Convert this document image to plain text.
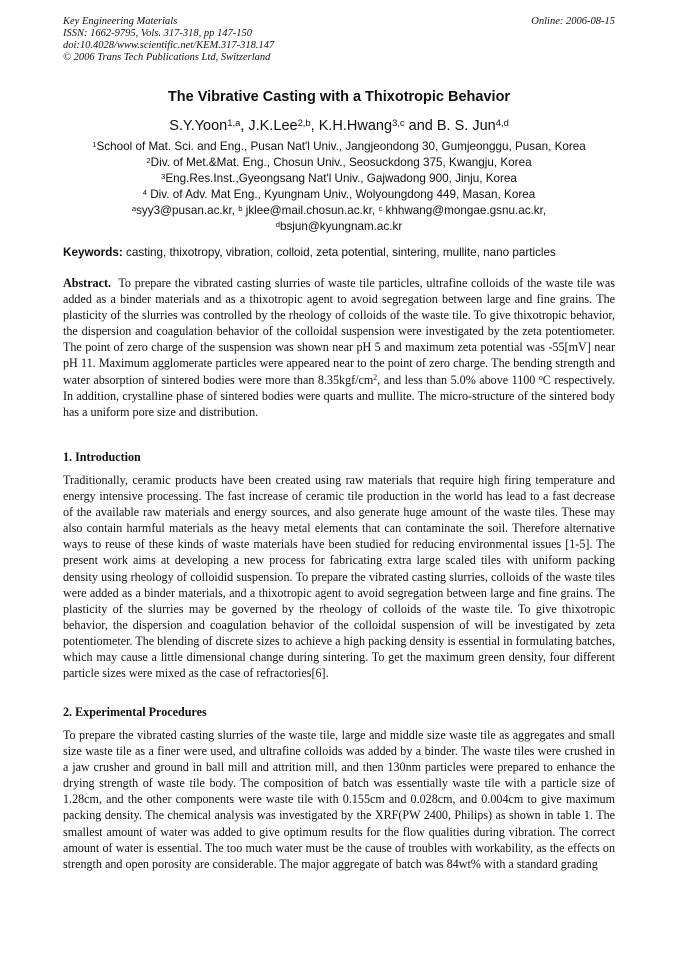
Key Engineering Materials
ISSN: 1662-9795, Vols. 317-318, pp 147-150
doi:10.4028/www.scientific.net/KEM.317-318.147
© 2006 Trans Tech Publications Ltd, Switzerland
Online: 2006-08-15
The Vibrative Casting with a Thixotropic Behavior
S.Y.Yoon$^{1,a}$, J.K.Lee$^{2,b}$, K.H.Hwang$^{3,c}$ and B. S. Jun$^{4,d}$
$^1$School of Mat. Sci. and Eng., Pusan Nat'l Univ., Jangjeondong 30, Gumjeonggu, Pusan, Korea
$^2$Div. of Met.&Mat. Eng., Chosun Univ., Seosuckdong 375, Kwangju, Korea
$^3$Eng.Res.Inst.,Gyeongsang Nat'l Univ., Gajwadong 900, Jinju, Korea
$^4$ Div. of Adv. Mat Eng., Kyungnam Univ., Wolyoungdong 449, Masan, Korea
$^a$syy3@pusan.ac.kr, $^b$ jklee@mail.chosun.ac.kr, $^c$ khhwang@mongae.gsnu.ac.kr,
$^d$bsjun@kyungnam.ac.kr
Keywords: casting, thixotropy, vibration, colloid, zeta potential, sintering, mullite, nano particles
Abstract. To prepare the vibrated casting slurries of waste tile particles, ultrafine colloids of the waste tile was added as a binder materials and as a thixotropic agent to avoid segregation between large and fine grains. The plasticity of the slurries was controlled by the rheology of colloids of the waste tile. To give thixotropic behavior, the dispersion and coagulation behavior of the colloidal suspension were investigated by the zeta potentiometer. The point of zero charge of the suspension was shown near pH 5 and maximum zeta potential was -55[mV] near pH 11. Maximum agglomerate particles were appeared near to the point of zero charge. The bending strength and water absorption of sintered bodies were more than $8.35kgf/cm^2$, and less than 5.0% above 1100 $^o$C respectively. In addition, crystalline phase of sintered bodies were quarts and mullite. The micro-structure of the sintered body has a uniform pore size and distribution.
1. Introduction
Traditionally, ceramic products have been created using raw materials that require high firing temperature and energy intensive processing. The fast increase of ceramic tile production in the world has lead to a fast decrease of the available raw materials and energy sources, and also generate huge amount of the waste tiles. These may also contain harmful materials as the heavy metal elements that can contaminate the soil. Therefore alternative ways to reuse of these kinds of waste materials have been studied for reducing environmental issues [1-5]. The present work aims at developing a new process for fabricating extra large scaled tiles with uniform packing density using rheology of colloidid suspension. To prepare the vibrated casting slurries, colloids of the waste tiles were added as a binder materials, and a thixotropic agent to avoid segregation between large and fine grains. The plasticity of the slurries may be governed by the rheology of colloids of the waste tile. To give thixotropic behavior, the dispersion and coagulation behavior of the colloidal suspension of will be investigated by zeta potentiometer. The blending of discrete sizes to achieve a high packing density is essential in formulating batches, which may cause a little dimensional change during sintering. To get the maximum green density, four different particle sizes were mixed as the case of refractories[6].
2. Experimental Procedures
To prepare the vibrated casting slurries of the waste tile, large and middle size waste tile as aggregates and small size waste tile as a finer were used, and ultrafine colloids was added by a binder. The waste tiles were crushed in a jaw crusher and ground in ball mill and attrition mill, and then 130nm particles were prepared to enhance the drying strength of waste tile body. The composition of batch was essentially waste tile with a particle size of 1.28cm, and the other components were waste tile with 0.155cm and 0.028cm, and 0.004cm to give maximum packing density. The chemical analysis was investigated by the XRF(PW 2400, Philips) as shown in table 1. The smallest amount of water was added to give optimum results for the flow qualities during vibration. The correct amount of water is essential. The too much water must be the cause of troubles with workability, as the effects on strength and open porosity are considerable. The major aggregate of batch was 84wt% with a standard grading
